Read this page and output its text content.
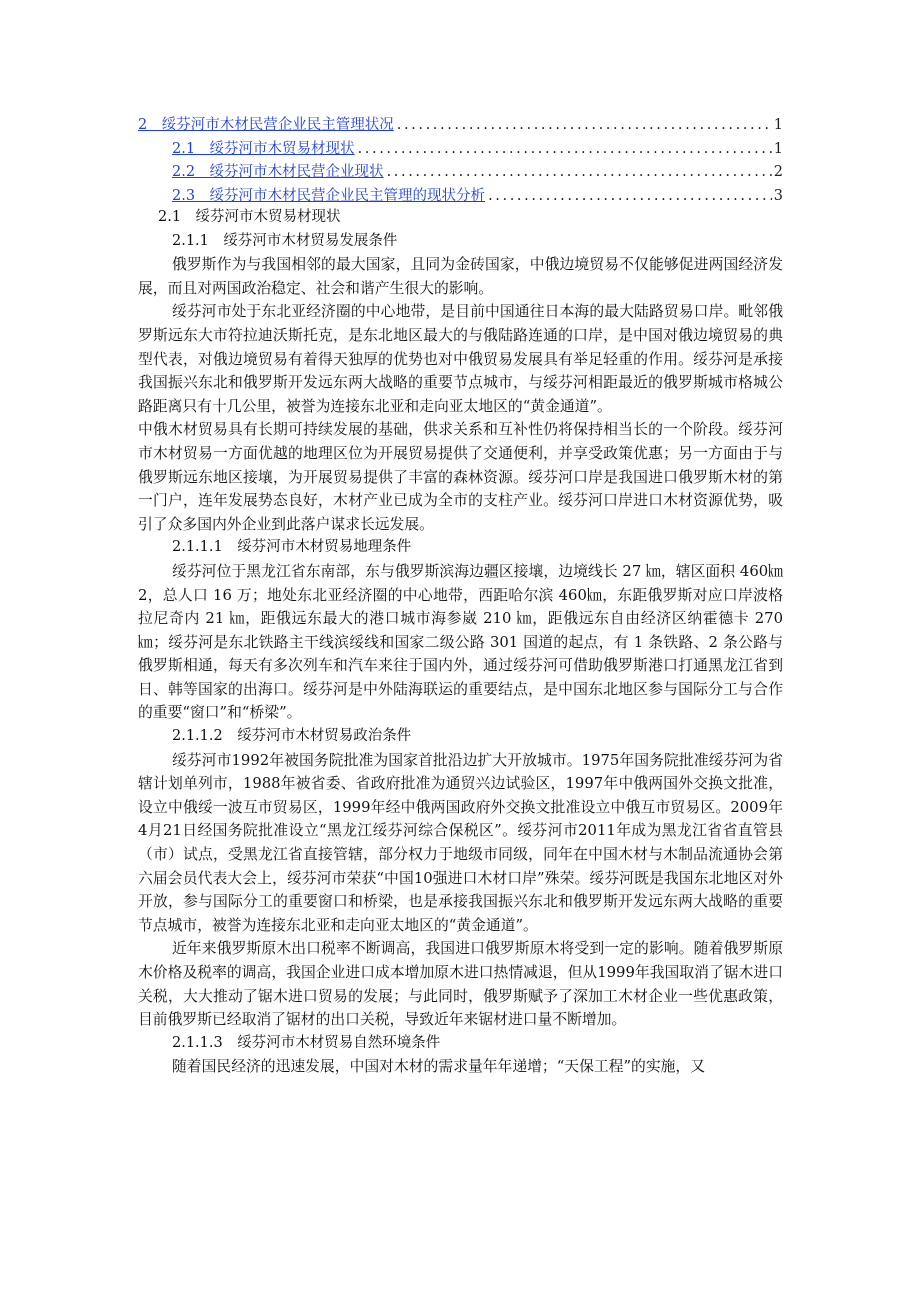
2　绥芬河市木材民营企业民主管理状况 .....	1
2.1　绥芬河市木贸易材现状 .....	1
2.2　绥芬河市木材民营企业现状 .....	2
2.3　绥芬河市木材民营企业民主管理的现状分析 .....	3
2.1　绥芬河市木贸易材现状
2.1.1　绥芬河市木材贸易发展条件

俄罗斯作为与我国相邻的最大国家，且同为金砖国家，中俄边境贸易不仅能够促进两国经济发展，而且对两国政治稳定、社会和谐产生很大的影响。

绥芬河市处于东北亚经济圈的中心地带，是目前中国通往日本海的最大陆路贸易口岸。毗邻俄罗斯远东大市符拉迪沃斯托克，是东北地区最大的与俄陆路连通的口岸，是中国对俄边境贸易的典型代表，对俄边境贸易有着得天独厚的优势也对中俄贸易发展具有举足轻重的作用。绥芬河是承接我国振兴东北和俄罗斯开发远东两大战略的重要节点城市，与绥芬河相距最近的俄罗斯城市格城公路距离只有十几公里，被誉为连接东北亚和走向亚太地区的“黄金通道”。

中俄木材贸易具有长期可持续发展的基础，供求关系和互补性仍将保持相当长的一个阶段。绥芬河市木材贸易一方面优越的地理区位为开展贸易提供了交通便利，并享受政策优惠；另一方面由于与俄罗斯远东地区接壤，为开展贸易提供了丰富的森林资源。绥芬河口岸是我国进口俄罗斯木材的第一门户，连年发展势态良好，木材产业已成为全市的支柱产业。绥芬河口岸进口木材资源优势，吸引了众多国内外企业到此落户谋求长远发展。

2.1.1.1　绥芬河市木材贸易地理条件

绥芬河位于黑龙江省东南部，东与俄罗斯滨海边疆区接壤，边境线长 27 ㎞，辖区面积 460㎞2，总人口 16 万；地处东北亚经济圈的中心地带，西距哈尔滨 460㎞，东距俄罗斯对应口岸波格拉尼奇内 21 ㎞，距俄远东最大的港口城市海参崴 210 ㎞，距俄远东自由经济区纳霍德卡 270㎞；绥芬河是东北铁路主干线滨绥线和国家二级公路 301 国道的起点，有 1 条铁路、2 条公路与俄罗斯相通，每天有多次列车和汽车来往于国内外，通过绥芬河可借助俄罗斯港口打通黑龙江省到日、韩等国家的出海口。绥芬河是中外陆海联运的重要结点，是中国东北地区参与国际分工与合作的重要“窗口”和“桥梁”。

2.1.1.2　绥芬河市木材贸易政治条件

绥芬河市1992年被国务院批准为国家首批沿边扩大开放城市。1975年国务院批准绥芬河为省辖计划单列市，1988年被省委、省政府批准为通贸兴边试验区，1997年中俄两国外交换文批准，设立中俄绥一波互市贸易区，1999年经中俄两国政府外交换文批准设立中俄互市贸易区。2009年4月21日经国务院批准设立“黑龙江绥芬河综合保税区”。绥芬河市2011年成为黑龙江省省直管县（市）试点，受黑龙江省直接管辖，部分权力于地级市同级，同年在中国木材与木制品流通协会第六届会员代表大会上，绥芬河市荣获“中国10强进口木材口岸”殊荣。绥芬河既是我国东北地区对外开放，参与国际分工的重要窗口和桥梁，也是承接我国振兴东北和俄罗斯开发远东两大战略的重要节点城市，被誉为连接东北亚和走向亚太地区的“黄金通道”。

近年来俄罗斯原木出口税率不断调高，我国进口俄罗斯原木将受到一定的影响。随着俄罗斯原木价格及税率的调高，我国企业进口成本增加原木进口热情减退，但从1999年我国取消了锯木进口关税，大大推动了锯木进口贸易的发展；与此同时，俄罗斯赋予了深加工木材企业一些优惠政策，目前俄罗斯已经取消了锯材的出口关税，导致近年来锯材进口量不断增加。

2.1.1.3　绥芬河市木材贸易自然环境条件

随着国民经济的迅速发展，中国对木材的需求量年年递增；“天保工程”的实施，又
